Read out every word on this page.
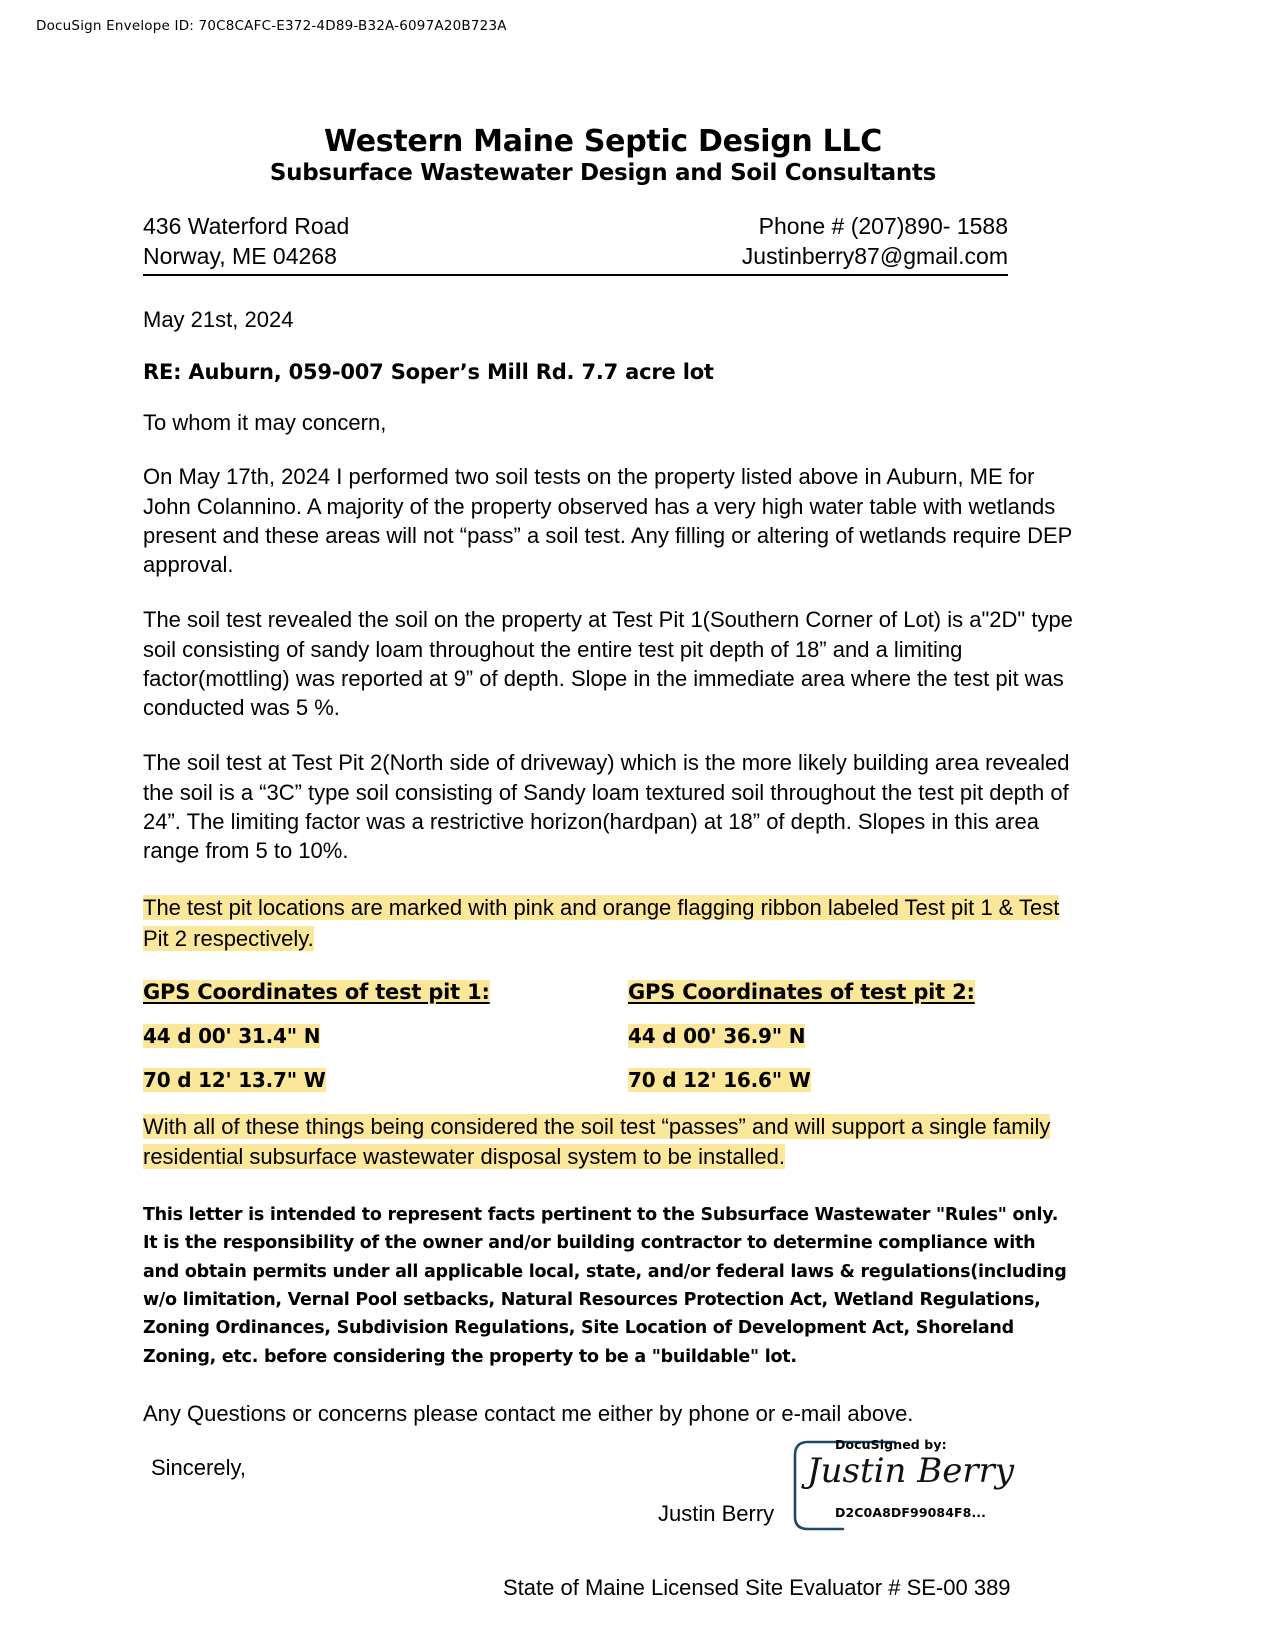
DocuSign Envelope ID: 70C8CAFC-E372-4D89-B32A-6097A20B723A
Western Maine Septic Design LLC
Subsurface Wastewater Design and Soil Consultants
436 Waterford Road	Phone # (207)890- 1588
Norway, ME 04268	Justinberry87@gmail.com
May 21st, 2024
RE: Auburn, 059-007 Soper’s Mill Rd. 7.7 acre lot
To whom it may concern,

On May 17th, 2024 I performed two soil tests on the property listed above in Auburn, ME for John Colannino. A majority of the property observed has a very high water table with wetlands present and these areas will not “pass” a soil test. Any filling or altering of wetlands require DEP approval.

The soil test revealed the soil on the property at Test Pit 1(Southern Corner of Lot) is a"2D" type soil consisting of sandy loam throughout the entire test pit depth of 18” and a limiting factor(mottling) was reported at 9” of depth. Slope in the immediate area where the test pit was conducted was 5 %.

The soil test at Test Pit 2(North side of driveway) which is the more likely building area revealed the soil is a “3C” type soil consisting of Sandy loam textured soil throughout the test pit depth of 24”. The limiting factor was a restrictive horizon(hardpan) at 18” of depth. Slopes in this area range from 5 to 10%.

The test pit locations are marked with pink and orange flagging ribbon labeled Test pit 1 & Test Pit 2 respectively.

GPS Coordinates of test pit 1:	GPS Coordinates of test pit 2:
44 d 00' 31.4" N	44 d 00' 36.9" N
70 d 12' 13.7" W	70 d 12' 16.6" W

With all of these things being considered the soil test “passes” and will support a single family residential subsurface wastewater disposal system to be installed.

This letter is intended to represent facts pertinent to the Subsurface Wastewater "Rules" only. It is the responsibility of the owner and/or building contractor to determine compliance with and obtain permits under all applicable local, state, and/or federal laws & regulations(including w/o limitation, Vernal Pool setbacks, Natural Resources Protection Act, Wetland Regulations, Zoning Ordinances, Subdivision Regulations, Site Location of Development Act, Shoreland Zoning, etc. before considering the property to be a "buildable" lot.

Any Questions or concerns please contact me either by phone or e-mail above.

Sincerely,
DocuSigned by:
Justin Berry
D2C0A8DF99084F8...
Justin Berry
State of Maine Licensed Site Evaluator # SE-00 389
